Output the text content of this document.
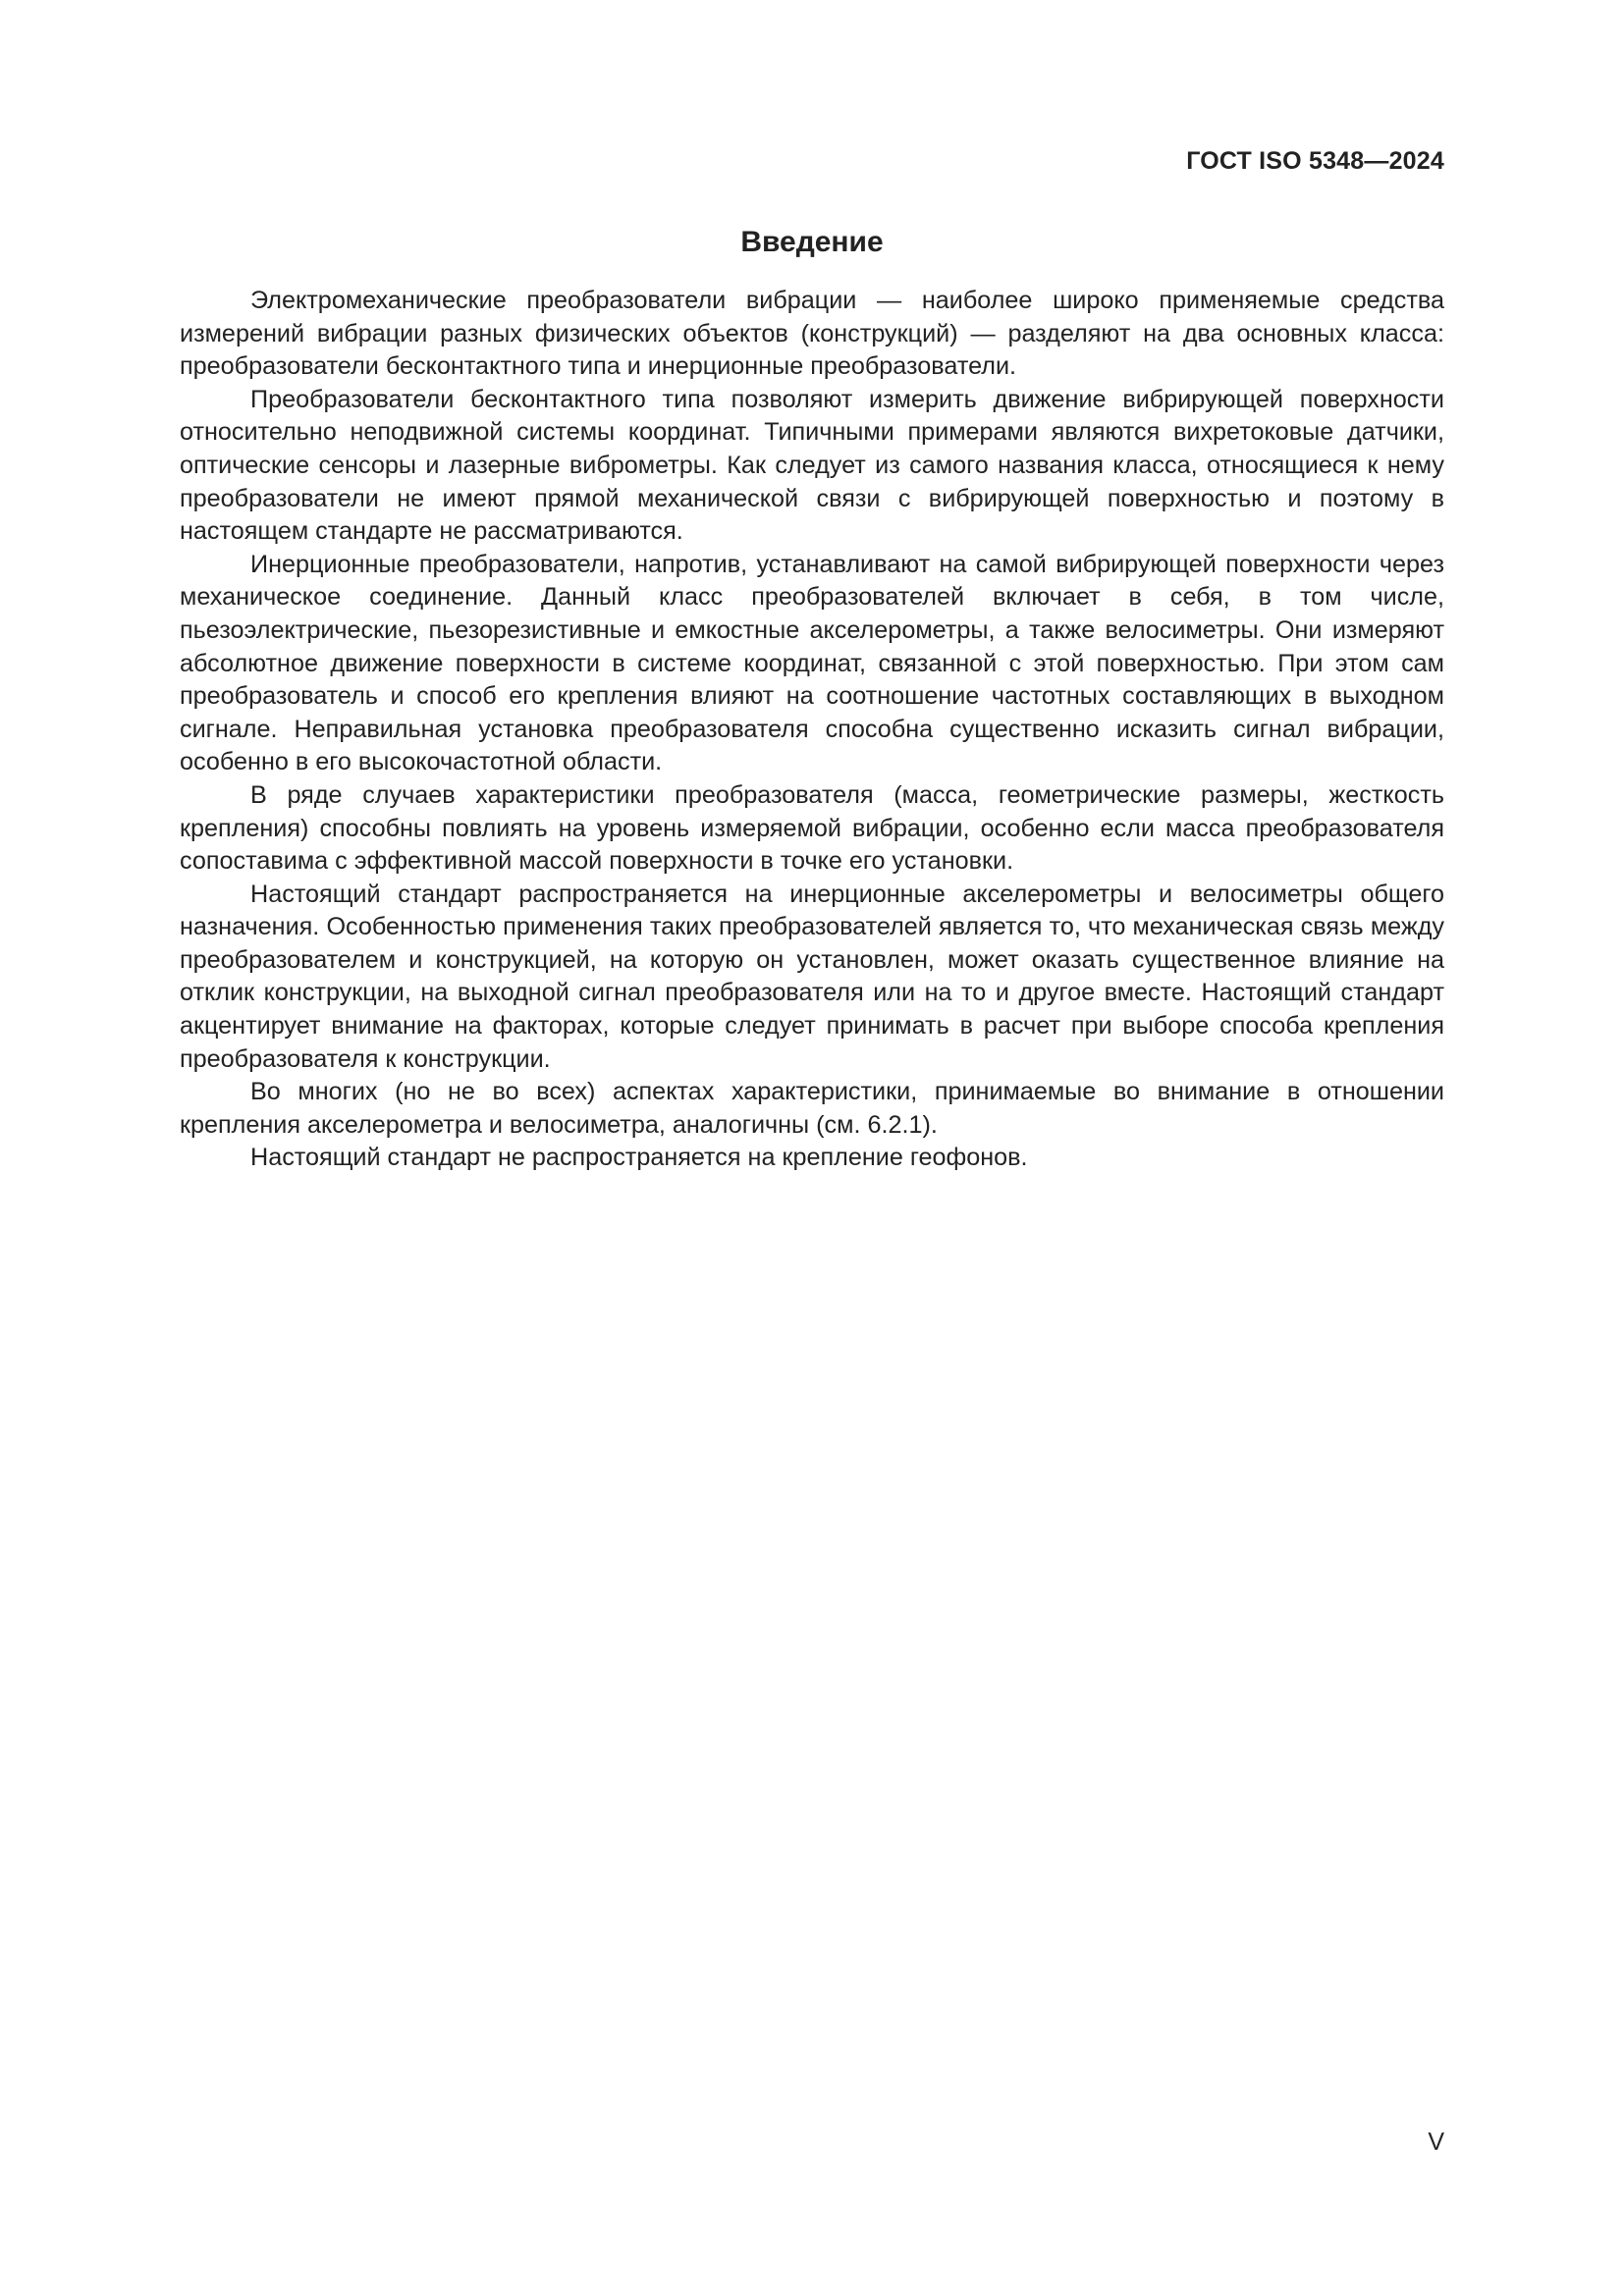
ГОСТ ISO 5348—2024
Введение

Электромеханические преобразователи вибрации — наиболее широко применяемые средства измерений вибрации разных физических объектов (конструкций) — разделяют на два основных класса: преобразователи бесконтактного типа и инерционные преобразователи.

Преобразователи бесконтактного типа позволяют измерить движение вибрирующей поверхности относительно неподвижной системы координат. Типичными примерами являются вихретоковые датчики, оптические сенсоры и лазерные виброметры. Как следует из самого названия класса, относящиеся к нему преобразователи не имеют прямой механической связи с вибрирующей поверхностью и поэтому в настоящем стандарте не рассматриваются.

Инерционные преобразователи, напротив, устанавливают на самой вибрирующей поверхности через механическое соединение. Данный класс преобразователей включает в себя, в том числе, пьезоэлектрические, пьезорезистивные и емкостные акселерометры, а также велосиметры. Они измеряют абсолютное движение поверхности в системе координат, связанной с этой поверхностью. При этом сам преобразователь и способ его крепления влияют на соотношение частотных составляющих в выходном сигнале. Неправильная установка преобразователя способна существенно исказить сигнал вибрации, особенно в его высокочастотной области.

В ряде случаев характеристики преобразователя (масса, геометрические размеры, жесткость крепления) способны повлиять на уровень измеряемой вибрации, особенно если масса преобразователя сопоставима с эффективной массой поверхности в точке его установки.

Настоящий стандарт распространяется на инерционные акселерометры и велосиметры общего назначения. Особенностью применения таких преобразователей является то, что механическая связь между преобразователем и конструкцией, на которую он установлен, может оказать существенное влияние на отклик конструкции, на выходной сигнал преобразователя или на то и другое вместе. Настоящий стандарт акцентирует внимание на факторах, которые следует принимать в расчет при выборе способа крепления преобразователя к конструкции.

Во многих (но не во всех) аспектах характеристики, принимаемые во внимание в отношении крепления акселерометра и велосиметра, аналогичны (см. 6.2.1).

Настоящий стандарт не распространяется на крепление геофонов.

V
